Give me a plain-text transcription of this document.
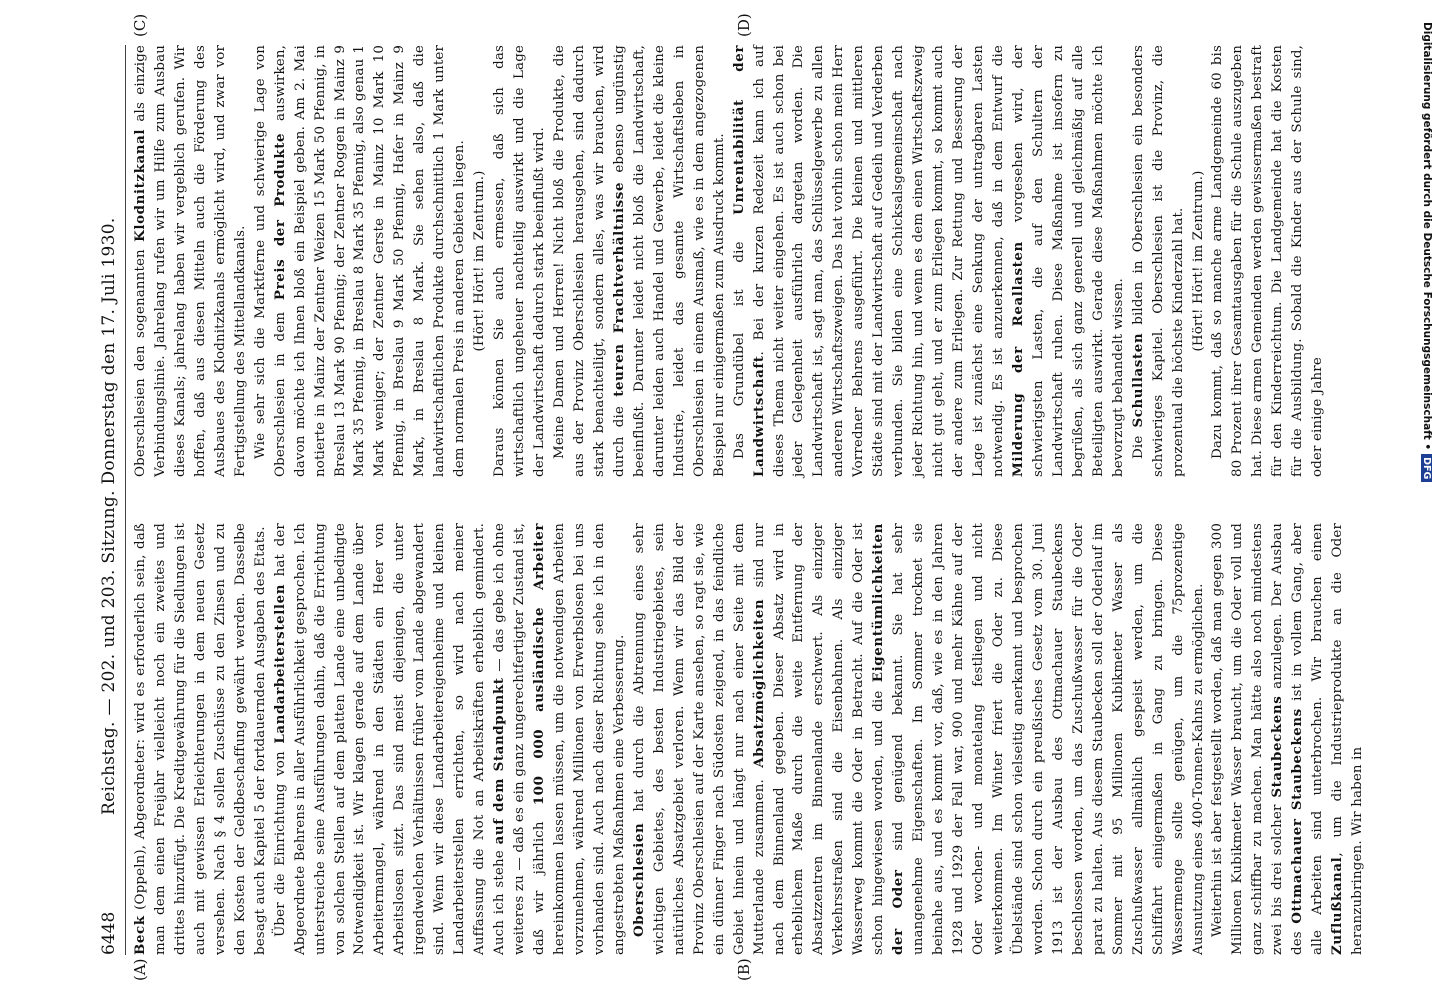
6448
Reichstag. — 202. und 203. Sitzung. Donnerstag den 17. Juli 1930.
(A)	(B)
(C)	(D)

Beck (Oppeln), Abgeordneter: wird es erforderlich sein, daß man dem einen Freijahr vielleicht noch ein zweites und drittes hinzufügt. Die Kreditgewährung für die Siedlungen ist auch mit gewissen Erleichterungen in dem neuen Gesetz versehen. Nach § 4 sollen Zuschüsse zu den Zinsen und zu den Kosten der Geldbeschaffung gewährt werden. Dasselbe besagt auch Kapitel 5 der fortdauernden Ausgaben des Etats. Über die Einrichtung von Landarbeiterstellen hat der Abgeordnete Behrens in aller Ausführlichkeit gesprochen. Ich unterstreiche seine Ausführungen dahin, daß die Errichtung von solchen Stellen auf dem platten Lande eine unbedingte Notwendigkeit ist. Wir klagen gerade auf dem Lande über Arbeitermangel, während in den Städten ein Heer von Arbeitslosen sitzt. Das sind meist diejenigen, die unter irgendwelchen Verhältnissen früher vom Lande abgewandert sind. Wenn wir diese Landarbeitereigenheime und kleinen Landarbeiterstellen errichten, so wird nach meiner Auffassung die Not an Arbeitskräften erheblich gemindert. Auch ich stehe auf dem Standpunkt — das gebe ich ohne weiteres zu — daß es ein ganz ungerechtfertigter Zustand ist, daß wir jährlich 100 000 ausländische Arbeiter hereinkommen lassen müssen, um die notwendigen Arbeiten vorzunehmen, während Millionen von Erwerbslosen bei uns vorhanden sind. Auch nach dieser Richtung sehe ich in den angestrebten Maßnahmen eine Verbesserung. Oberschlesien hat durch die Abtrennung eines sehr wichtigen Gebietes, des besten Industriegebietes, sein natürliches Absatzgebiet verloren. Wenn wir das Bild der Provinz Oberschlesien auf der Karte ansehen, so ragt sie, wie ein dünner Finger nach Südosten zeigend, in das feindliche Gebiet hinein und hängt nur nach einer Seite mit dem Mutterlande zusammen. Absatzmöglichkeiten sind nur nach dem Binnenland gegeben. Dieser Absatz wird in erheblichem Maße durch die weite Entfernung der Absatzzentren im Binnenlande erschwert. Als einziger Verkehrsstraßen sind die Eisenbahnen. Als einziger Wasserweg kommt die Oder in Betracht. Auf die Oder ist schon hingewiesen worden, und die Eigentümlichkeiten der Oder sind genügend bekannt. Sie hat sehr unangenehme Eigenschaften. Im Sommer trocknet sie beinahe aus, und es kommt vor, daß, wie es in den Jahren 1928 und 1929 der Fall war, 900 und mehr Kähne auf der Oder wochen- und monatelang festliegen und nicht weiterkommen. Im Winter friert die Oder zu. Diese Übelstände sind schon vielseitig anerkannt und besprochen worden. Schon durch ein preußisches Gesetz vom 30. Juni 1913 ist der Ausbau des Ottmachauer Staubeckens beschlossen worden, um das Zuschußwasser für die Oder parat zu halten. Aus diesem Staubecken soll der Oderlauf im Sommer mit 95 Millionen Kubikmeter Wasser als Zuschußwasser allmählich gespeist werden, um die Schiffahrt einigermaßen in Gang zu bringen. Diese Wassermenge sollte genügen, um die 75prozentige Ausnutzung eines 400-Tonnen-Kahns zu ermöglichen. Weiterhin ist aber festgestellt worden, daß man gegen 300 Millionen Kubikmeter Wasser braucht, um die Oder voll und ganz schiffbar zu machen. Man hätte also noch mindestens zwei bis drei solcher Staubeckens anzulegen. Der Ausbau des Ottmachauer Staubeckens ist in vollem Gang, aber alle Arbeiten sind unterbrochen. Wir brauchen einen Zuflußkanal, um die Industrieprodukte an die Oder heranzubringen. Wir haben in

Oberschlesien den sogenannten Klodnitzkanal als einzige Verbindungslinie. Jahrelang rufen wir um Hilfe zum Ausbau dieses Kanals; jahrelang haben wir vergeblich gerufen. Wir hoffen, daß aus diesen Mitteln auch die Förderung des Ausbaues des Klodnitzkanals ermöglicht wird, und zwar vor Fertigstellung des Mittellandkanals. Wie sehr sich die Marktferne und schwierige Lage von Oberschlesien in dem Preis der Produkte auswirken, davon möchte ich Ihnen bloß ein Beispiel geben. Am 2. Mai notierte in Mainz der Zentner Weizen 15 Mark 50 Pfennig, in Breslau 13 Mark 90 Pfennig; der Zentner Roggen in Mainz 9 Mark 35 Pfennig, in Breslau 8 Mark 35 Pfennig, also genau 1 Mark weniger; der Zentner Gerste in Mainz 10 Mark 10 Pfennig, in Breslau 9 Mark 50 Pfennig, Hafer in Mainz 9 Mark, in Breslau 8 Mark. Sie sehen also, daß die landwirtschaftlichen Produkte durchschnittlich 1 Mark unter dem normalen Preis in anderen Gebieten liegen. (Hört! Hört! im Zentrum.) Daraus können Sie auch ermessen, daß sich das wirtschaftlich ungeheuer nachteilig auswirkt und die Lage der Landwirtschaft dadurch stark beeinflußt wird. Meine Damen und Herren! Nicht bloß die Produkte, die aus der Provinz Oberschlesien herausgehen, sind dadurch stark benachteiligt, sondern alles, was wir brauchen, wird durch die teuren Frachtverhältnisse ebenso ungünstig beeinflußt. Darunter leidet nicht bloß die Landwirtschaft, darunter leiden auch Handel und Gewerbe, leidet die kleine Industrie, leidet das gesamte Wirtschaftsleben in Oberschlesien in einem Ausmaß, wie es in dem angezogenen Beispiel nur einigermaßen zum Ausdruck kommt. Das Grundübel ist die Unrentabilität der Landwirtschaft. Bei der kurzen Redezeit kann ich auf dieses Thema nicht weiter eingehen. Es ist auch schon bei jeder Gelegenheit ausführlich dargetan worden. Die Landwirtschaft ist, sagt man, das Schlüsselgewerbe zu allen anderen Wirtschaftszweigen. Das hat vorhin schon mein Herr Vorredner Behrens ausgeführt. Die kleinen und mittleren Städte sind mit der Landwirtschaft auf Gedeih und Verderben verbunden. Sie bilden eine Schicksalsgemeinschaft nach jeder Richtung hin, und wenn es dem einen Wirtschaftszweig nicht gut geht, und er zum Erliegen kommt, so kommt auch der andere zum Erliegen. Zur Rettung und Besserung der Lage ist zunächst eine Senkung der untragbaren Lasten notwendig. Es ist anzuerkennen, daß in dem Entwurf die Milderung der Reallasten vorgesehen wird, der schwierigsten Lasten, die auf den Schultern der Landwirtschaft ruhen. Diese Maßnahme ist insofern zu begrüßen, als sich ganz generell und gleichmäßig auf alle Beteiligten auswirkt. Gerade diese Maßnahmen möchte ich bevorzugt behandelt wissen. Die Schullasten bilden in Oberschlesien ein besonders schwieriges Kapitel. Oberschlesien ist die Provinz, die prozentual die höchste Kinderzahl hat. (Hört! Hört! im Zentrum.) Dazu kommt, daß so manche arme Landgemeinde 60 bis 80 Prozent ihrer Gesamtausgaben für die Schule auszugeben hat. Diese armen Gemeinden werden gewissermaßen bestraft für den Kinderreichtum. Die Landgemeinde hat die Kosten für die Ausbildung. Sobald die Kinder aus der Schule sind, oder einige Jahre	Digitalisierung gefördert durch die Deutsche Forschungsgemeinschaft •
DFG
